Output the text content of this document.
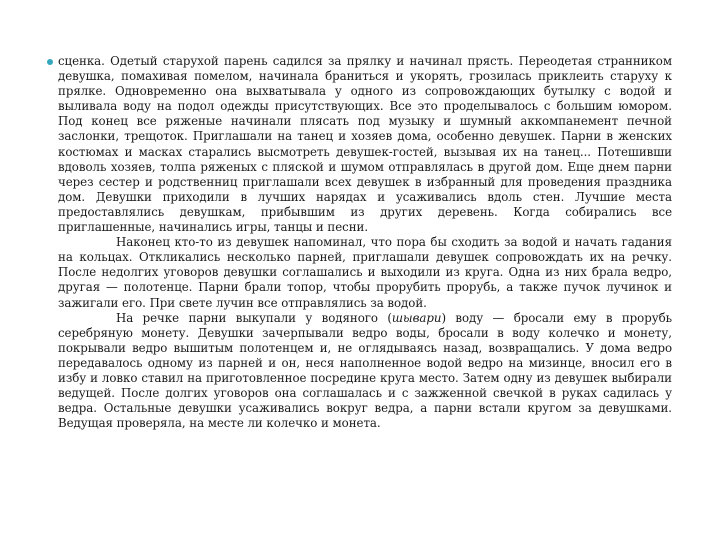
сценка. Одетый старухой парень садился за прялку и начинал прясть. Переодетая странником девушка, помахивая помелом, начинала браниться и укорять, грозилась приклеить старуху к прялке. Одновременно она выхватывала у одного из сопровождающих бутылку с водой и выливала воду на подол одежды присутствующих. Все это проделывалось с большим юмором. Под конец все ряженые начинали плясать под музыку и шумный аккомпанемент печной заслонки, трещоток. Приглашали на танец и хозяев дома, особенно девушек. Парни в женских костюмах и масках старались высмотреть девушек-гостей, вызывая их на танец... Потешивши вдоволь хозяев, толпа ряженых с пляской и шумом отправлялась в другой дом. Еще днем парни через сестер и родственниц приглашали всех девушек в избранный для проведения праздника дом. Девушки приходили в лучших нарядах и усаживались вдоль стен. Лучшие места предоставлялись девушкам, прибывшим из других деревень. Когда собирались все приглашенные, начинались игры, танцы и песни.

Наконец кто-то из девушек напоминал, что пора бы сходить за водой и начать гадания на кольцах. Откликались несколько парней, приглашали девушек сопровождать их на речку. После недолгих уговоров девушки соглашались и выходили из круга. Одна из них брала ведро, другая — полотенце. Парни брали топор, чтобы прорубить прорубь, а также пучок лучинок и зажигали его. При свете лучин все отправлялись за водой.

На речке парни выкупали у водяного (шывари) воду — бросали ему в прорубь серебряную монету. Девушки зачерпывали ведро воды, бросали в воду колечко и монету, покрывали ведро вышитым полотенцем и, не оглядываясь назад, возвращались. У дома ведро передавалось одному из парней и он, неся наполненное водой ведро на мизинце, вносил его в избу и ловко ставил на приготовленное посредине круга место. Затем одну из девушек выбирали ведущей. После долгих уговоров она соглашалась и с зажженной свечкой в руках садилась у ведра. Остальные девушки усаживались вокруг ведра, а парни встали кругом за девушками. Ведущая проверяла, на месте ли колечко и монета.
